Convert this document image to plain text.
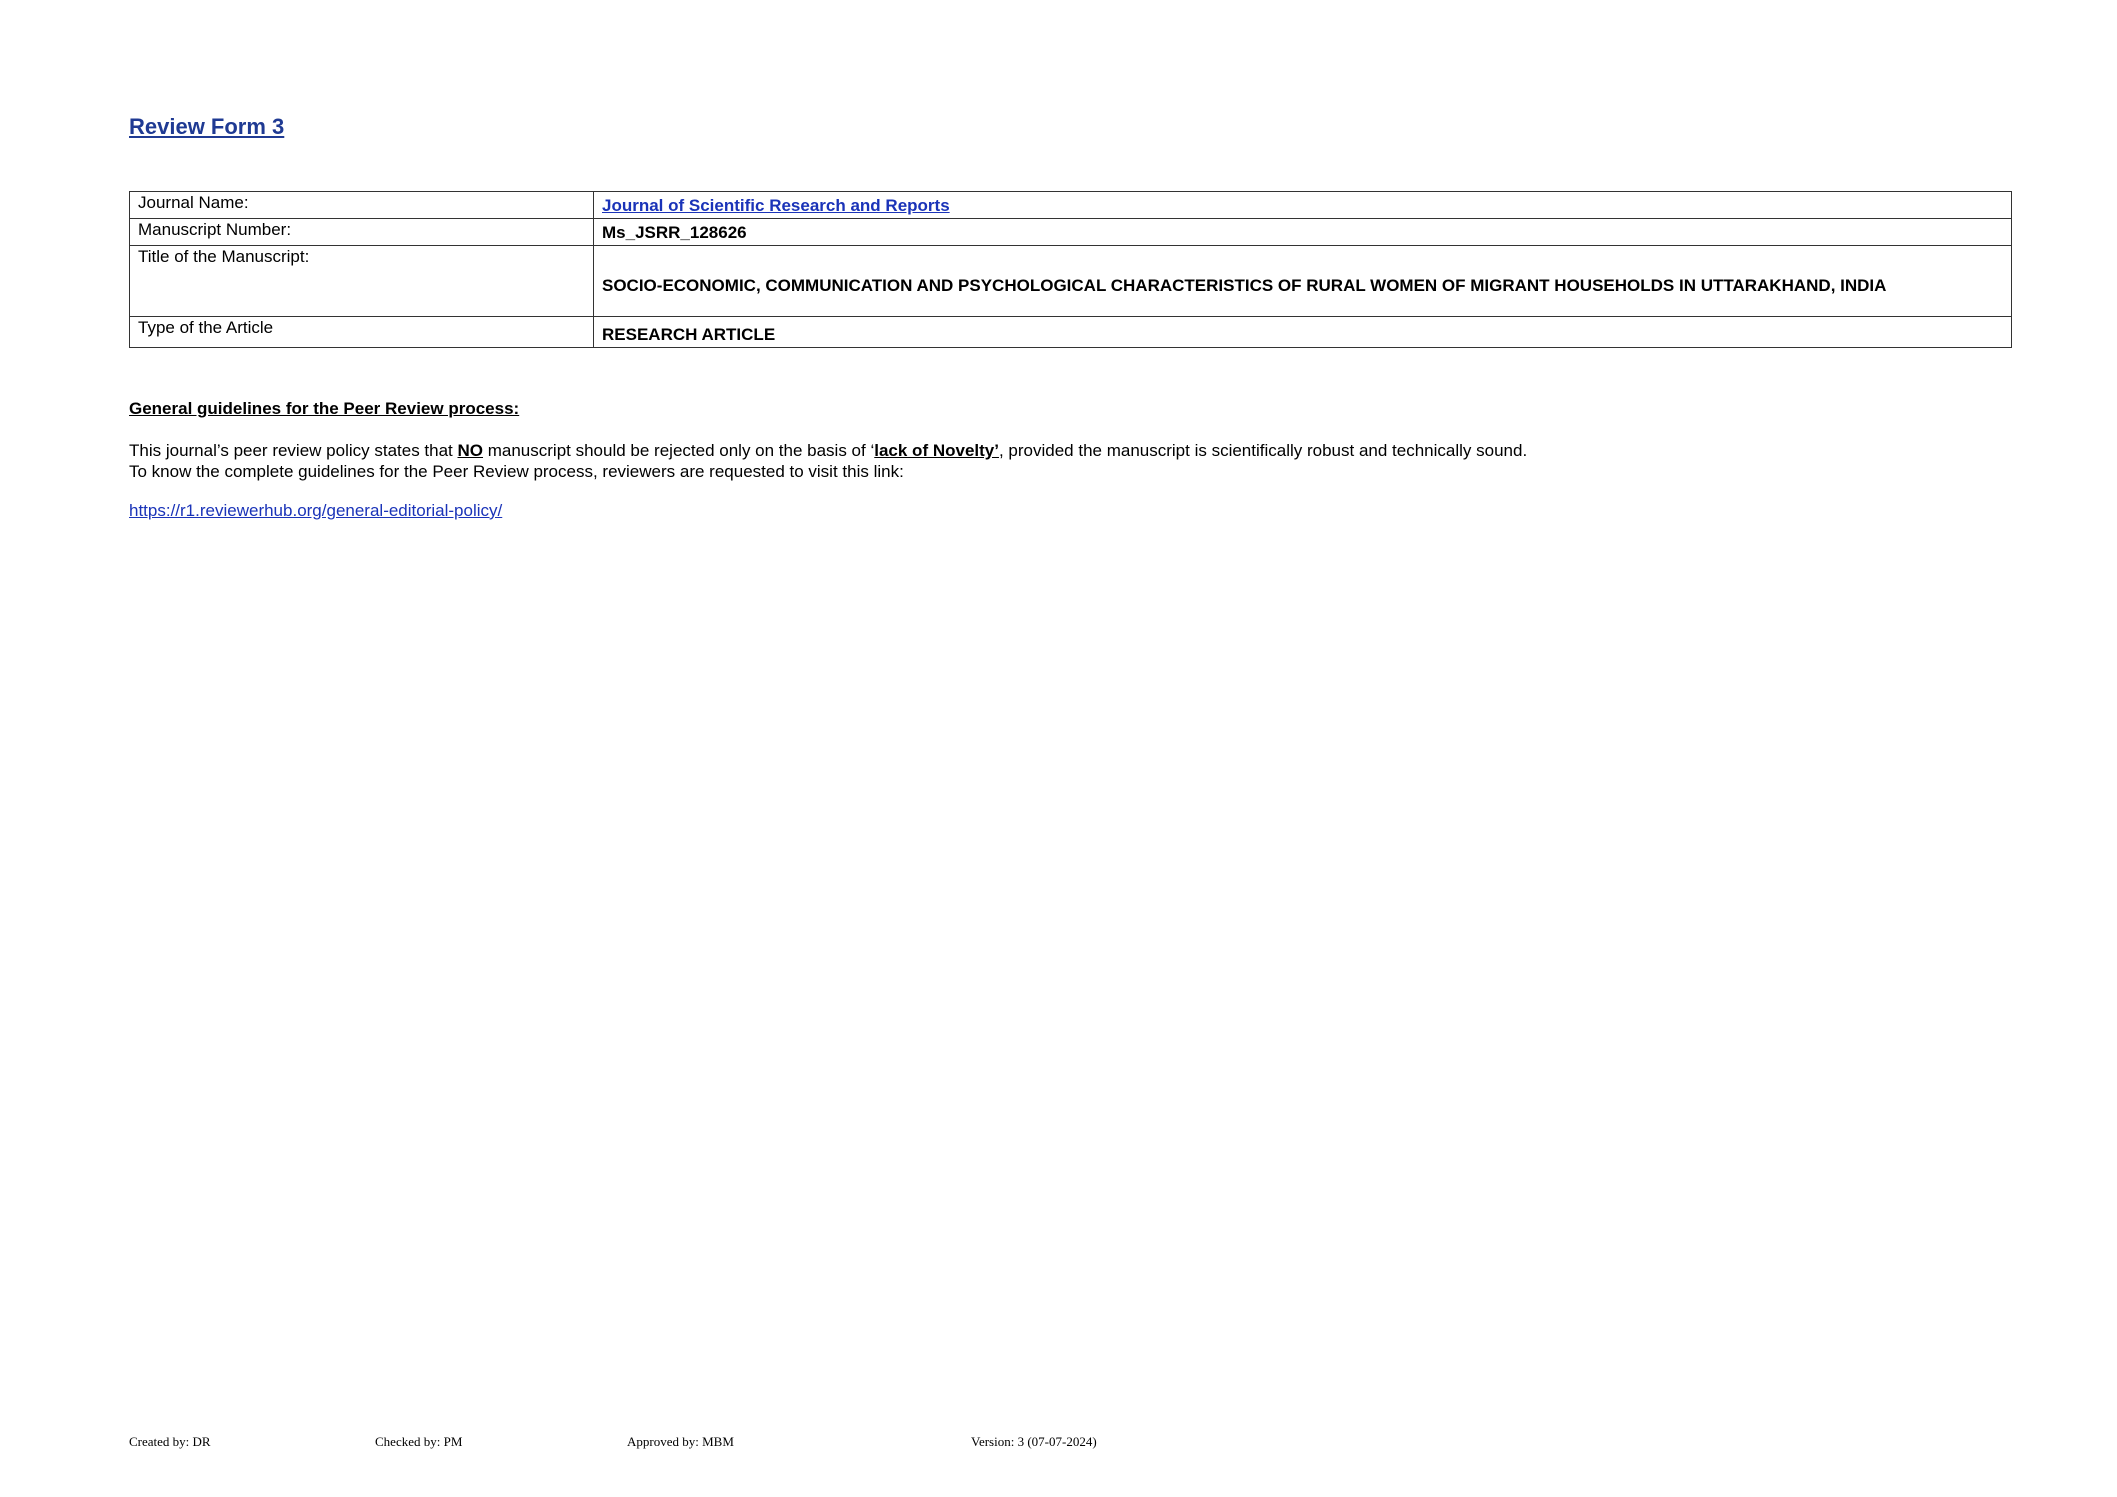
Review Form 3
Journal Name:	Journal of Scientific Research and Reports
Manuscript Number:	Ms_JSRR_128626
Title of the Manuscript:	SOCIO-ECONOMIC, COMMUNICATION AND PSYCHOLOGICAL CHARACTERISTICS OF RURAL WOMEN OF MIGRANT HOUSEHOLDS IN UTTARAKHAND, INDIA
Type of the Article	RESEARCH ARTICLE
General guidelines for the Peer Review process:

This journal’s peer review policy states that NO manuscript should be rejected only on the basis of ‘lack of Novelty’, provided the manuscript is scientifically robust and technically sound.
To know the complete guidelines for the Peer Review process, reviewers are requested to visit this link:

https://r1.reviewerhub.org/general-editorial-policy/
Created by: DR	Checked by: PM	Approved by: MBM	Version: 3 (07-07-2024)
